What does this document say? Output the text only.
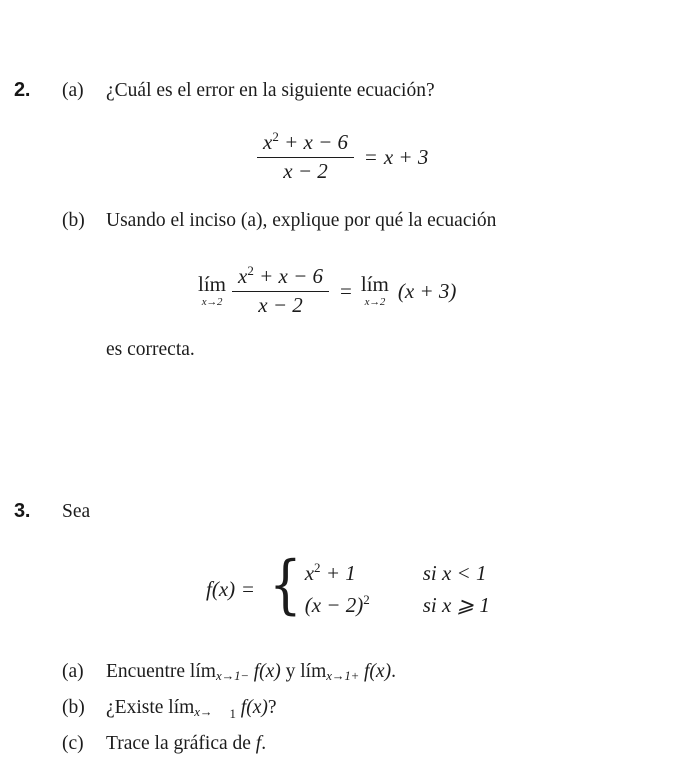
2. (a) ¿Cuál es el error en la siguiente ecuación?
$\frac{x^2 + x - 6}{x - 2} = x + 3$
(b) Usando el inciso (a), explique por qué la ecuación
lím
$x\to 2 \frac{x^2 + x - 6}{x - 2}$ = lím
x→2 (x + 3)
es correcta.
3. Sea
f(x) = { $x^2 + 1$	si x < 1
$(x - 2)^2$	si x ⩾ 1
(a) Encuentre lím$_{x\to 1-}$ f(x) y lím$_{x\to 1+}$ f(x).
(b) ¿Existe lím$_{x\to}$ $_1$ f(x)?
(c) Trace la gráfica de f.
